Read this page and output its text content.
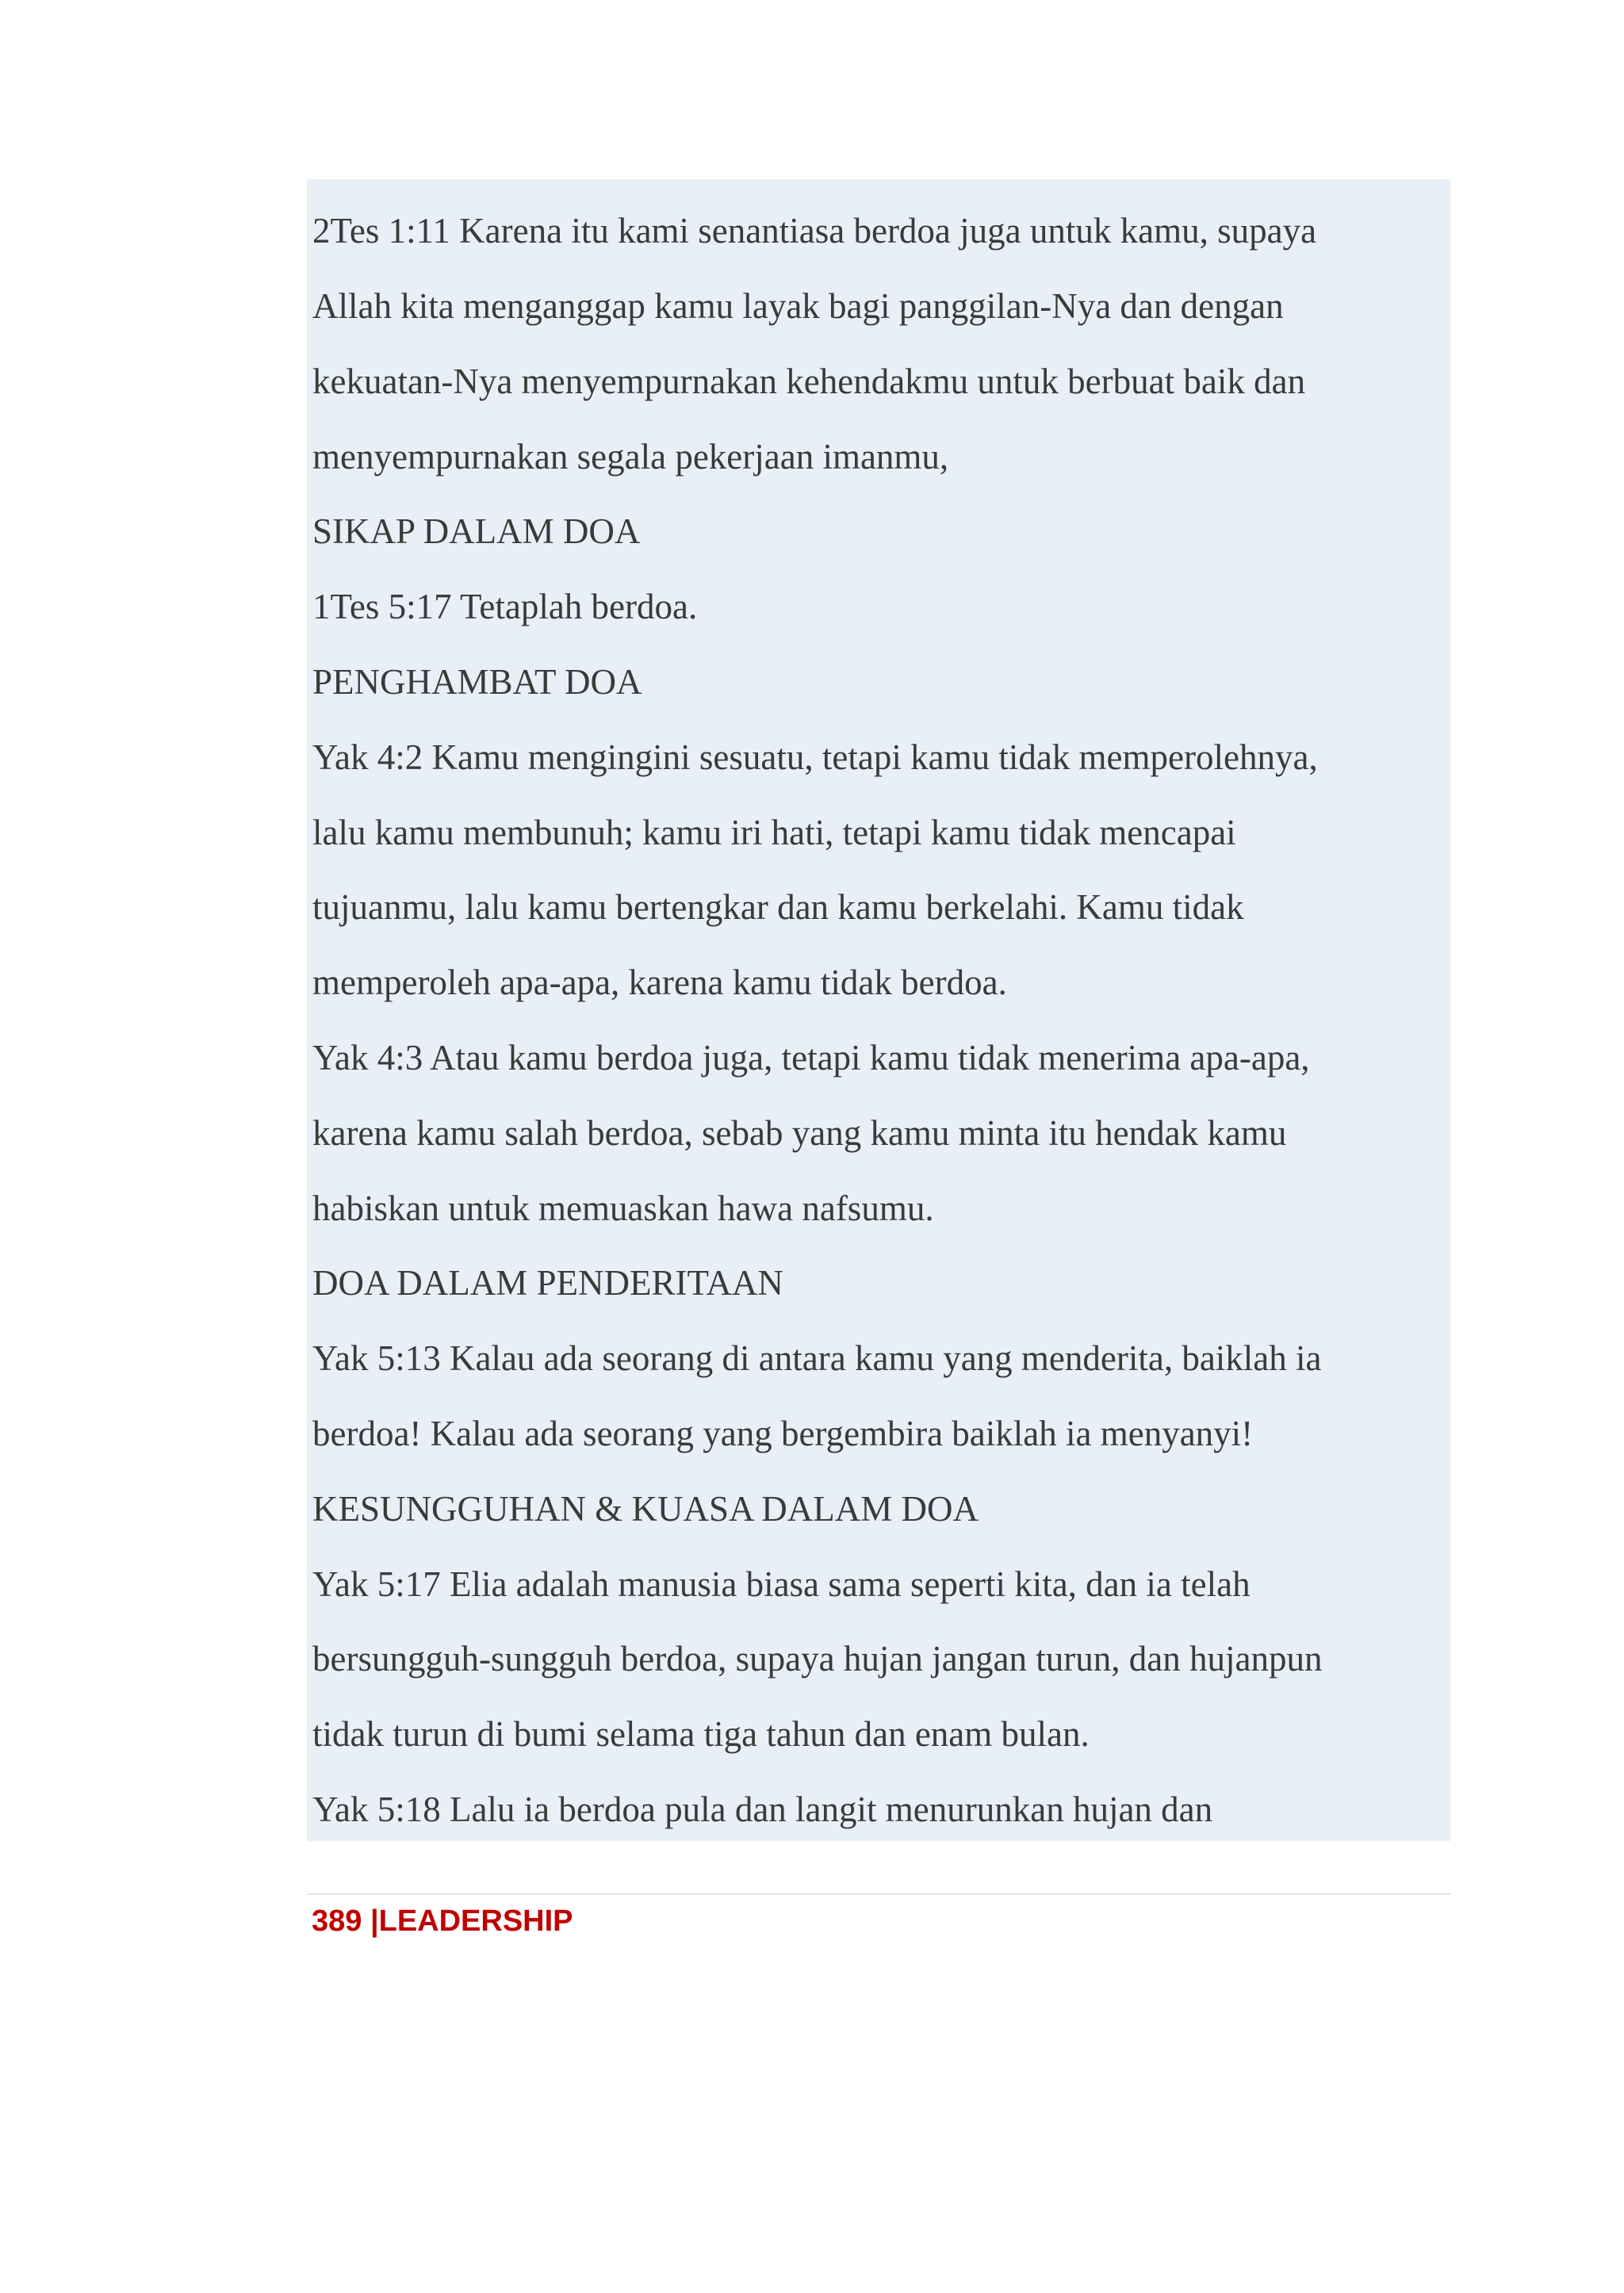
2Tes 1:11 Karena itu kami senantiasa berdoa juga untuk kamu, supaya
Allah kita menganggap kamu layak bagi panggilan-Nya dan dengan
kekuatan-Nya menyempurnakan kehendakmu untuk berbuat baik dan
menyempurnakan segala pekerjaan imanmu,
SIKAP DALAM DOA
1Tes 5:17 Tetaplah berdoa.
PENGHAMBAT DOA
Yak 4:2 Kamu mengingini sesuatu, tetapi kamu tidak memperolehnya,
lalu kamu membunuh; kamu iri hati, tetapi kamu tidak mencapai
tujuanmu, lalu kamu bertengkar dan kamu berkelahi. Kamu tidak
memperoleh apa-apa, karena kamu tidak berdoa.
Yak 4:3 Atau kamu berdoa juga, tetapi kamu tidak menerima apa-apa,
karena kamu salah berdoa, sebab yang kamu minta itu hendak kamu
habiskan untuk memuaskan hawa nafsumu.
DOA DALAM PENDERITAAN
Yak 5:13 Kalau ada seorang di antara kamu yang menderita, baiklah ia
berdoa! Kalau ada seorang yang bergembira baiklah ia menyanyi!
KESUNGGUHAN & KUASA DALAM DOA
Yak 5:17 Elia adalah manusia biasa sama seperti kita, dan ia telah
bersungguh-sungguh berdoa, supaya hujan jangan turun, dan hujanpun
tidak turun di bumi selama tiga tahun dan enam bulan.
Yak 5:18 Lalu ia berdoa pula dan langit menurunkan hujan dan
389 |LEADERSHIP
